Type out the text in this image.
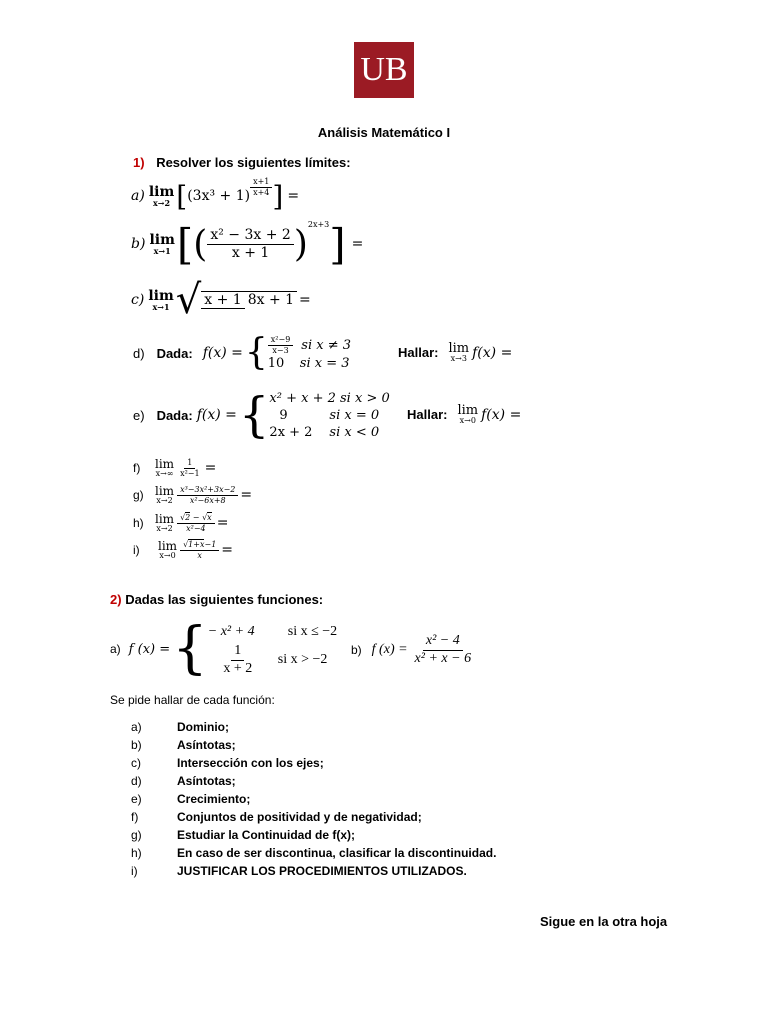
UB
Análisis Matemático I
1) Resolver los siguientes límites:
a) lim
x→2 [ $(3x^3 + 1) \frac{x+1}{x+4}$ ] =
b) lim
x→1 [ ( $\frac{\text{x² − 3x + 2}}{x + 1}$ ) 2x+3 ] =
c) lim
x→1 √ x + 1 8x + 1 =
d) Dada: f(x) = { $\frac{\text{x²−9}}{x-3}$ si x ≠ 3
10	si x = 3
Hallar: lim
x→3 f(x) =
e) Dada: f(x) = { x² + x + 2 si x > 0
9	si x = 0
2x + 2	si x < 0
Hallar: lim
x→0 f(x) =
f)	lim
$x\to\infty \frac{1}{\text{x²−1}}$ =
g) lim
$x\to 2 \frac{\text{x³−3x²+3x−2}}{\text{x²−6x+8}}$ =
h) lim
$x\to 2 \frac{√2 - √x}{\text{x²−4}}$ =
i)	lim
$x\to 0 \frac{√1+x-1}{x}$ =
2) Dadas las siguientes funciones:
a) f (x) = { − x² + 4	si x ≤ −2
$\frac{1}{x + 2}$ si x > −2
b) f $(x) = \frac{\text{x² − 4}}{\text{x² + x − 6}}$
Se pide hallar de cada función:
a)	Dominio;
b)	Asíntotas;
c)	Intersección con los ejes;
d)	Asíntotas;
e)	Crecimiento;
f)	Conjuntos de positividad y de negatividad;
g)	Estudiar la Continuidad de f(x);
h)	En caso de ser discontinua, clasificar la discontinuidad.
i)	JUSTIFICAR LOS PROCEDIMIENTOS UTILIZADOS.
Sigue en la otra hoja
